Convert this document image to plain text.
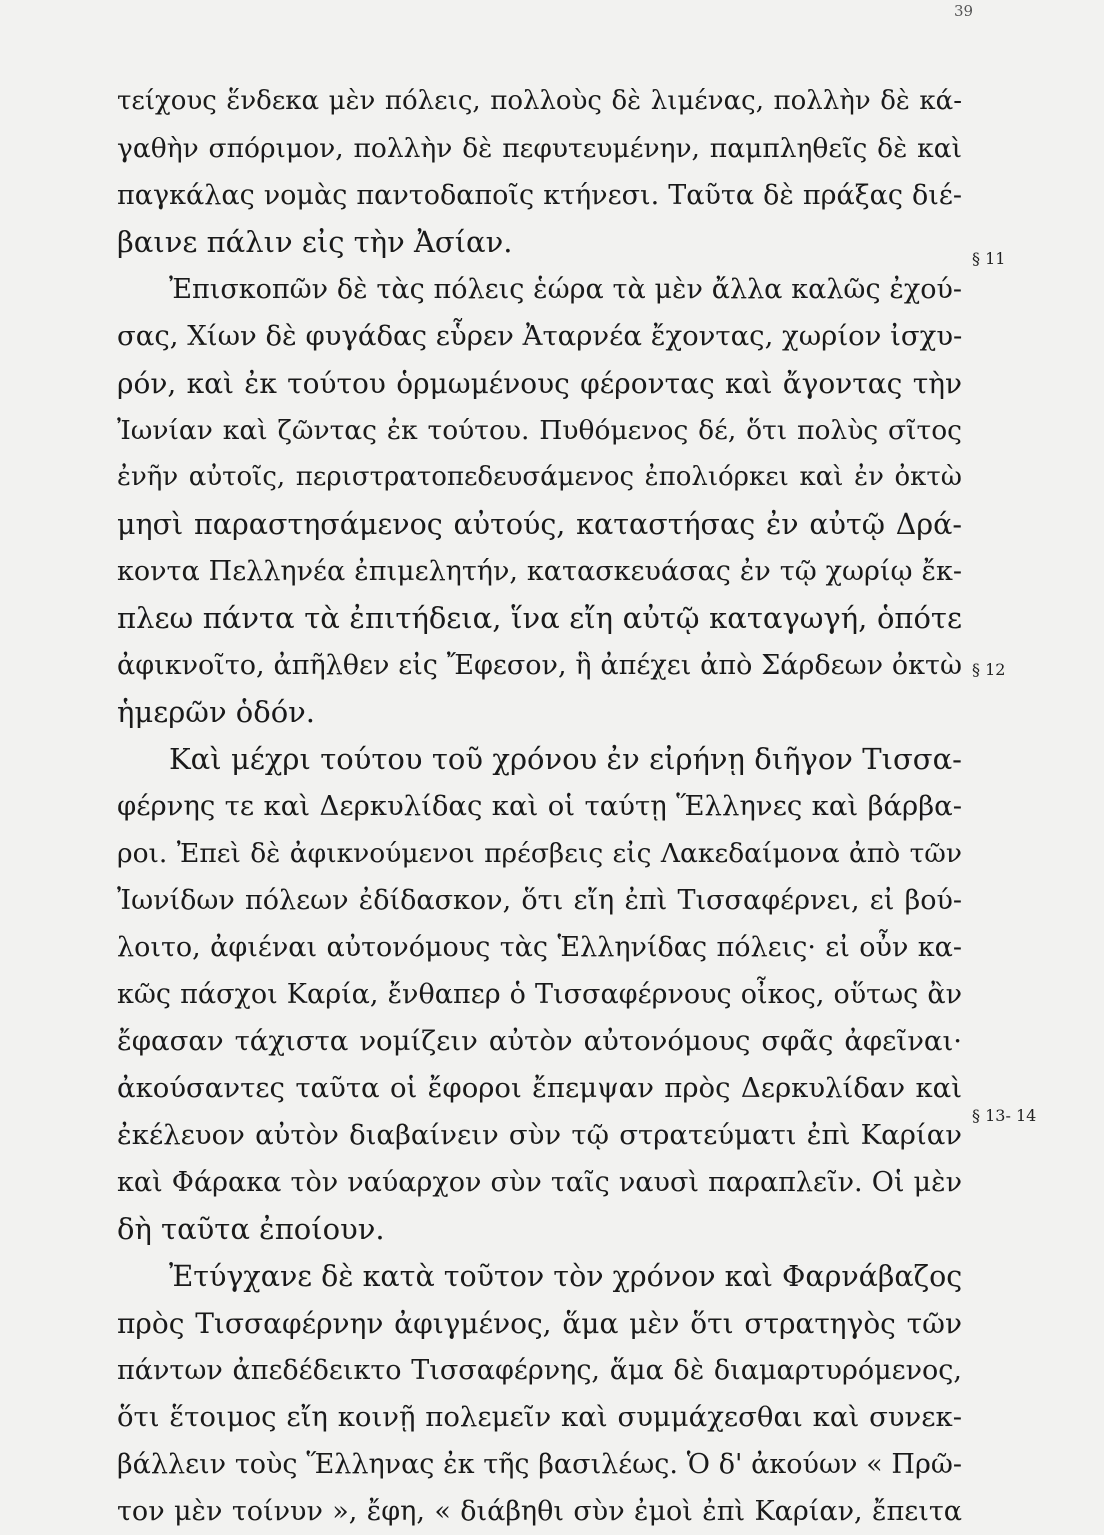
39
τείχους ἕνδεκα μὲν πόλεις, πολλοὺς δὲ λιμένας, πολλὴν δὲ κά-
γαθὴν σπόριμον, πολλὴν δὲ πεφυτευμένην, παμπληθεῖς δὲ καὶ
παγκάλας νομὰς παντοδαποῖς κτήνεσι. Ταῦτα δὲ πράξας διέ-
βαινε πάλιν εἰς τὴν Ἀσίαν.
Ἐπισκοπῶν δὲ τὰς πόλεις ἑώρα τὰ μὲν ἄλλα καλῶς ἐχού-
σας, Χίων δὲ φυγάδας εὗρεν Ἀταρνέα ἔχοντας, χωρίον ἰσχυ-
ρόν, καὶ ἐκ τούτου ὁρμωμένους φέροντας καὶ ἄγοντας τὴν
Ἰωνίαν καὶ ζῶντας ἐκ τούτου. Πυθόμενος δέ, ὅτι πολὺς σῖτος
ἐνῆν αὐτοῖς, περιστρατοπεδευσάμενος ἐπολιόρκει καὶ ἐν ὀκτὼ
μησὶ παραστησάμενος αὐτούς, καταστήσας ἐν αὐτῷ Δρά-
κοντα Πελληνέα ἐπιμελητήν, κατασκευάσας ἐν τῷ χωρίῳ ἔκ-
πλεω πάντα τὰ ἐπιτήδεια, ἵνα εἴη αὐτῷ καταγωγή, ὁπότε
ἀφικνοῖτο, ἀπῆλθεν εἰς Ἔφεσον, ἣ ἀπέχει ἀπὸ Σάρδεων ὀκτὼ
ἡμερῶν ὁδόν.
Καὶ μέχρι τούτου τοῦ χρόνου ἐν εἰρήνῃ διῆγον Τισσα-
φέρνης τε καὶ Δερκυλίδας καὶ οἱ ταύτῃ Ἕλληνες καὶ βάρβα-
ροι. Ἐπεὶ δὲ ἀφικνούμενοι πρέσβεις εἰς Λακεδαίμονα ἀπὸ τῶν
Ἰωνίδων πόλεων ἐδίδασκον, ὅτι εἴη ἐπὶ Τισσαφέρνει, εἰ βού-
λοιτο, ἀφιέναι αὐτονόμους τὰς Ἑλληνίδας πόλεις· εἰ οὖν κα-
κῶς πάσχοι Καρία, ἔνθαπερ ὁ Τισσαφέρνους οἶκος, οὕτως ἂν
ἔφασαν τάχιστα νομίζειν αὐτὸν αὐτονόμους σφᾶς ἀφεῖναι·
ἀκούσαντες ταῦτα οἱ ἔφοροι ἔπεμψαν πρὸς Δερκυλίδαν καὶ
ἐκέλευον αὐτὸν διαβαίνειν σὺν τῷ στρατεύματι ἐπὶ Καρίαν
καὶ Φάρακα τὸν ναύαρχον σὺν ταῖς ναυσὶ παραπλεῖν. Οἱ μὲν
δὴ ταῦτα ἐποίουν.
Ἐτύγχανε δὲ κατὰ τοῦτον τὸν χρόνον καὶ Φαρνάβαζος
πρὸς Τισσαφέρνην ἀφιγμένος, ἅμα μὲν ὅτι στρατηγὸς τῶν
πάντων ἀπεδέδεικτο Τισσαφέρνης, ἅμα δὲ διαμαρτυρόμενος,
ὅτι ἕτοιμος εἴη κοινῇ πολεμεῖν καὶ συμμάχεσθαι καὶ συνεκ-
βάλλειν τοὺς Ἕλληνας ἐκ τῆς βασιλέως. Ὁ δ' ἀκούων « Πρῶ-
τον μὲν τοίνυν », ἔφη, « διάβηθι σὺν ἐμοὶ ἐπὶ Καρίαν, ἔπειτα
§ 11
§ 12
§ 13- 14
